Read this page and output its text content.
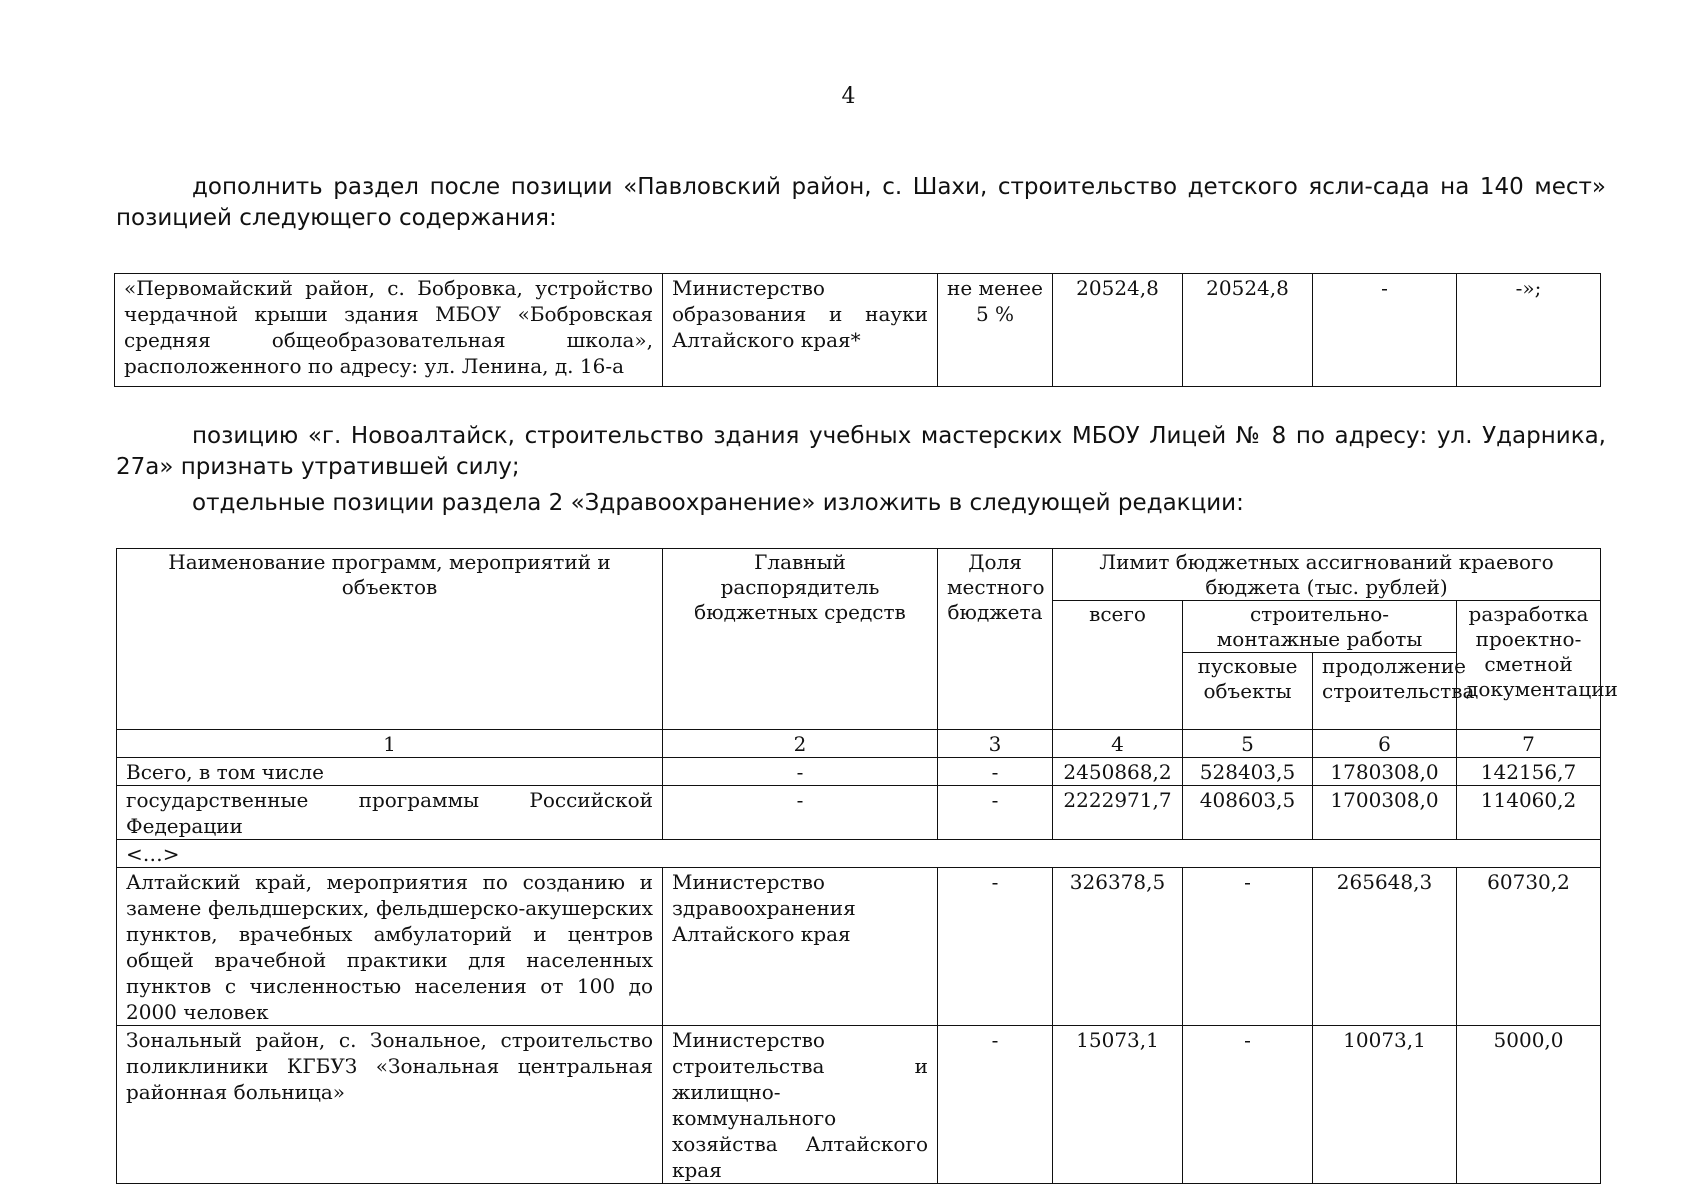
4

дополнить раздел после позиции «Павловский район, с. Шахи, строительство детского ясли-сада на 140 мест» позицией следующего содержания:

«Первомайский район, с. Бобровка, устройство чердачной крыши здания МБОУ «Бобровская средняя общеобразовательная школа», расположенного по адресу: ул. Ленина, д. 16-а	Министерство образования и науки Алтайского края*	не менее 5 %	20524,8	20524,8	-	-»;

позицию «г. Новоалтайск, строительство здания учебных мастерских МБОУ Лицей № 8 по адресу: ул. Ударника, 27а» признать утратившей силу;

отдельные позиции раздела 2 «Здравоохранение» изложить в следующей редакции:

Наименование программ, мероприятий и объектов	Главный распорядитель бюджетных средств	Доля местного бюджета	Лимит бюджетных ассигнований краевого бюджета (тыс. рублей)			
			всего	строительно-монтажные работы		разработка проектно-сметной документации
				пусковые объекты	продолжение строительства	
1	2	3	4	5	6	7
Всего, в том числе	-	-	2450868,2	528403,5	1780308,0	142156,7
государственные программы Российской Федерации	-	-	2222971,7	408603,5	1700308,0	114060,2
<…>						
Алтайский край, мероприятия по созданию и замене фельдшерских, фельдшерско-акушерских пунктов, врачебных амбулаторий и центров общей врачебной практики для населенных пунктов с численностью населения от 100 до 2000 человек	Министерство здравоохранения Алтайского края	-	326378,5	-	265648,3	60730,2
Зональный район, с. Зональное, строительство поликлиники КГБУЗ «Зональная центральная районная больница»	Министерство строительства и жилищно-коммунального хозяйства Алтайского края	-	15073,1	-	10073,1	5000,0
